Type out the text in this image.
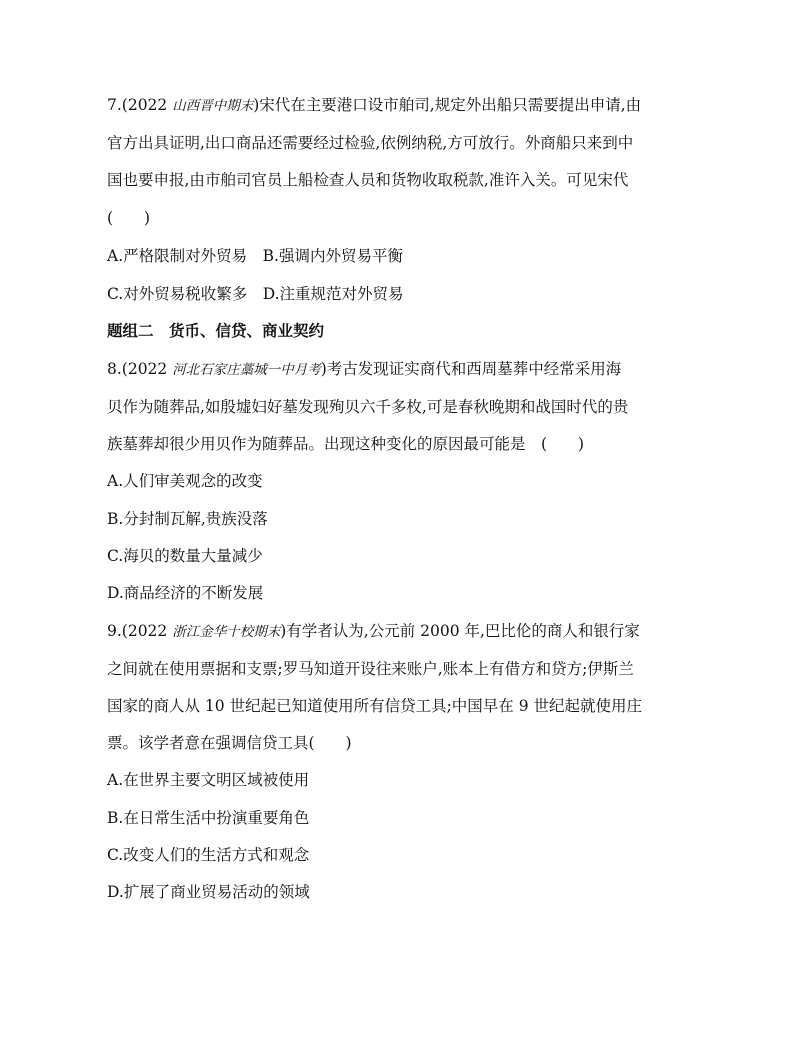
7.(2022 山西晋中期末)宋代在主要港口设市舶司,规定外出船只需要提出申请,由
官方出具证明,出口商品还需要经过检验,依例纳税,方可放行。外商船只来到中
国也要申报,由市舶司官员上船检查人员和货物收取税款,准许入关。可见宋代
(　　)
A.严格限制对外贸易　B.强调内外贸易平衡
C.对外贸易税收繁多　D.注重规范对外贸易
题组二　货币、信贷、商业契约
8.(2022 河北石家庄藁城一中月考)考古发现证实商代和西周墓葬中经常采用海
贝作为随葬品,如殷墟妇好墓发现殉贝六千多枚,可是春秋晚期和战国时代的贵
族墓葬却很少用贝作为随葬品。出现这种变化的原因最可能是　(　　)
A.人们审美观念的改变
B.分封制瓦解,贵族没落
C.海贝的数量大量减少
D.商品经济的不断发展
9.(2022 浙江金华十校期末)有学者认为,公元前 2000 年,巴比伦的商人和银行家
之间就在使用票据和支票;罗马知道开设往来账户,账本上有借方和贷方;伊斯兰
国家的商人从 10 世纪起已知道使用所有信贷工具;中国早在 9 世纪起就使用庄
票。该学者意在强调信贷工具(　　)
A.在世界主要文明区域被使用
B.在日常生活中扮演重要角色
C.改变人们的生活方式和观念
D.扩展了商业贸易活动的领域
